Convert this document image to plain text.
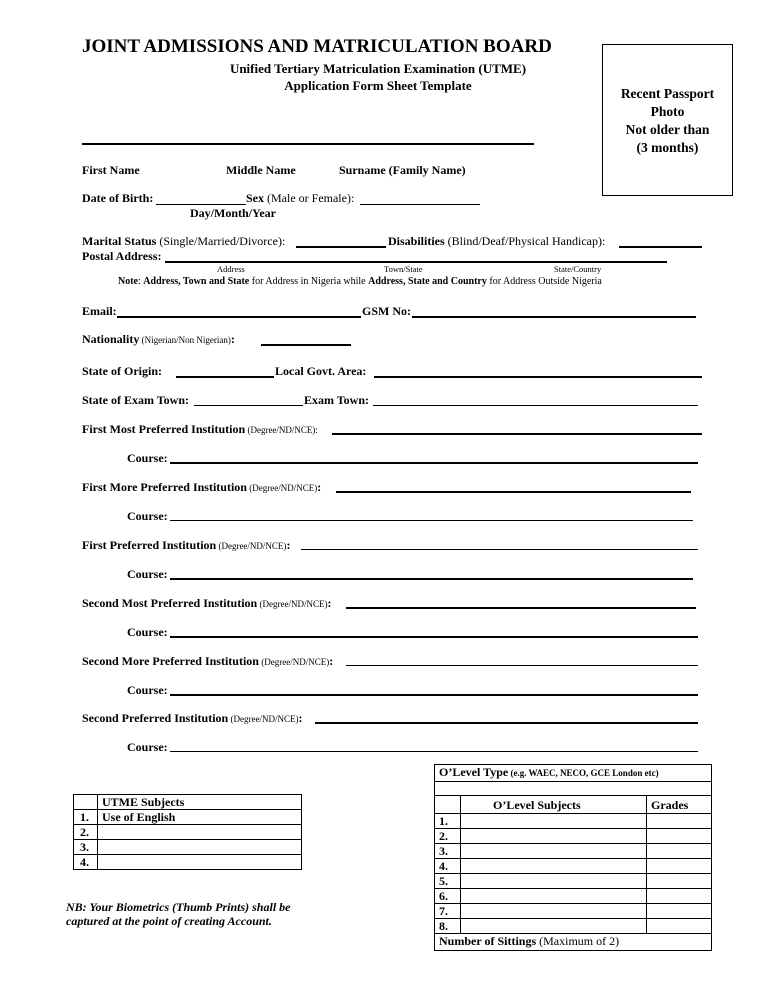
JOINT ADMISSIONS AND MATRICULATION BOARD
Unified Tertiary Matriculation Examination (UTME)
Application Form Sheet Template
Recent Passport
Photo
Not older than
(3 months)
First Name	Middle Name	Surname (Family Name)
Date of Birth:	Sex (Male or Female):
Day/Month/Year
Marital Status (Single/Married/Divorce):	Disabilities (Blind/Deaf/Physical Handicap):
Postal Address:
Address	Town/State	State/Country
Note: Address, Town and State for Address in Nigeria while Address, State and Country for Address Outside Nigeria
Email:	GSM No:
Nationality (Nigerian/Non Nigerian):
State of Origin:	Local Govt. Area:
State of Exam Town:	Exam Town:
First Most Preferred Institution (Degree/ND/NCE):
Course:
First More Preferred Institution (Degree/ND/NCE):
Course:
First Preferred Institution (Degree/ND/NCE):
Course:
Second Most Preferred Institution (Degree/ND/NCE):
Course:
Second More Preferred Institution (Degree/ND/NCE):
Course:
Second Preferred Institution (Degree/ND/NCE):
Course:
	UTME Subjects
1.	Use of English
2.	
3.	
4.	
O’Level Type (e.g. WAEC, NECO, GCE London etc)		

	O’Level Subjects	Grades
1.		
2.		
3.		
4.		
5.		
6.		
7.		
8.		
Number of Sittings (Maximum of 2)		
NB: Your Biometrics (Thumb Prints) shall be
captured at the point of creating Account.
